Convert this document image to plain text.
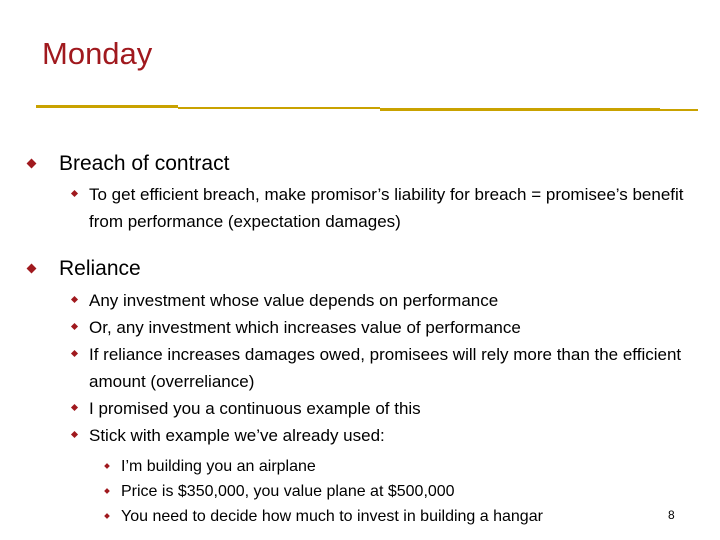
Monday
Breach of contract
To get efficient breach, make promisor’s liability for breach = promisee’s benefit from performance (expectation damages)
Reliance
Any investment whose value depends on performance
Or, any investment which increases value of performance
If reliance increases damages owed, promisees will rely more than the efficient amount (overreliance)
I promised you a continuous example of this
Stick with example we’ve already used:
I’m building you an airplane
Price is $350,000, you value plane at $500,000
You need to decide how much to invest in building a hangar	8
